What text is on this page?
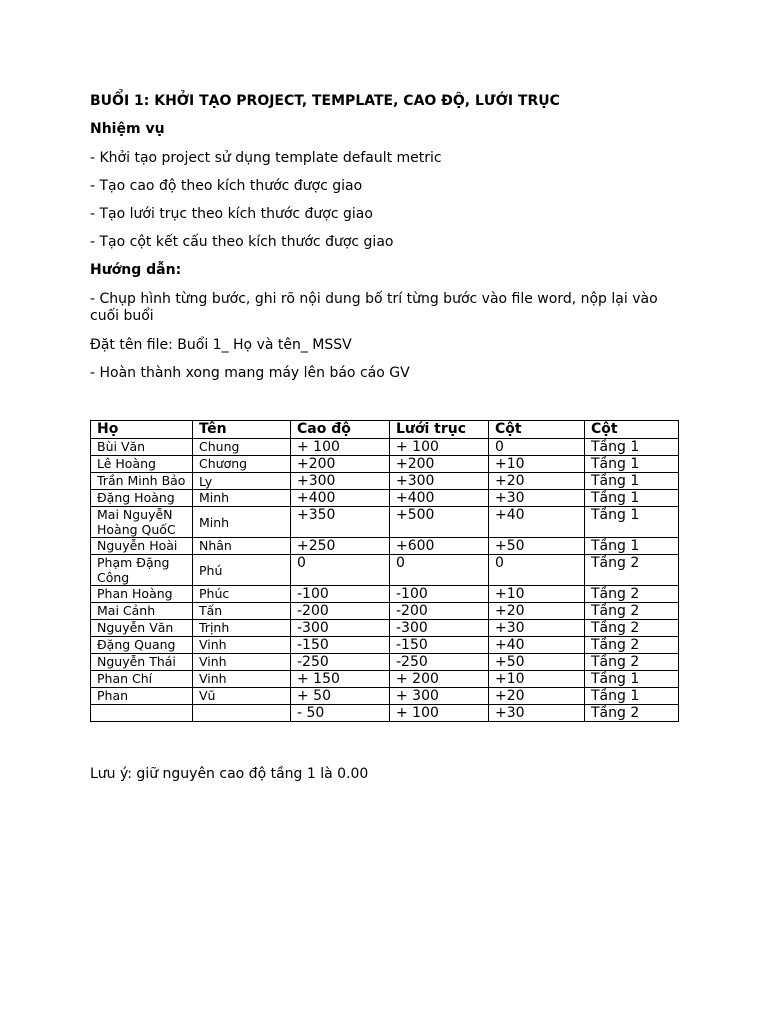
BUỔI 1: KHỞI TẠO PROJECT, TEMPLATE, CAO ĐỘ, LƯỚI TRỤC
Nhiệm vụ
- Khởi tạo project sử dụng template default metric
- Tạo cao độ theo kích thước được giao
- Tạo lưới trục theo kích thước được giao
- Tạo cột kết cấu theo kích thước được giao
Hướng dẫn:
- Chụp hình từng bước, ghi rõ nội dung bố trí từng bước vào file word, nộp lại vào cuối buổi
Đặt tên file: Buổi 1_ Họ và tên_ MSSV
- Hoàn thành xong mang máy lên báo cáo GV
Họ	Tên	Cao độ	Lưới trục	Cột	Cột
Bùi Văn	Chung	+ 100	+ 100	0	Tầng 1
Lê Hoàng	Chương	+200	+200	+10	Tầng 1
Trần Minh Bảo	Ly	+300	+300	+20	Tầng 1
Đặng Hoàng	Minh	+400	+400	+30	Tầng 1
Mai NguyễN Hoàng QuốC	Minh	+350	+500	+40	Tầng 1
Nguyễn Hoài	Nhân	+250	+600	+50	Tầng 1
Phạm Đặng Công	Phú	0	0	0	Tầng 2
Phan Hoàng	Phúc	-100	-100	+10	Tầng 2
Mai Cảnh	Tấn	-200	-200	+20	Tầng 2
Nguyễn Văn	Trịnh	-300	-300	+30	Tầng 2
Đặng Quang	Vinh	-150	-150	+40	Tầng 2
Nguyễn Thái	Vinh	-250	-250	+50	Tầng 2
Phan Chí	Vinh	+ 150	+ 200	+10	Tầng 1
Phan	Vũ	+ 50	+ 300	+20	Tầng 1
		- 50	+ 100	+30	Tầng 2
Lưu ý: giữ nguyên cao độ tầng 1 là 0.00
